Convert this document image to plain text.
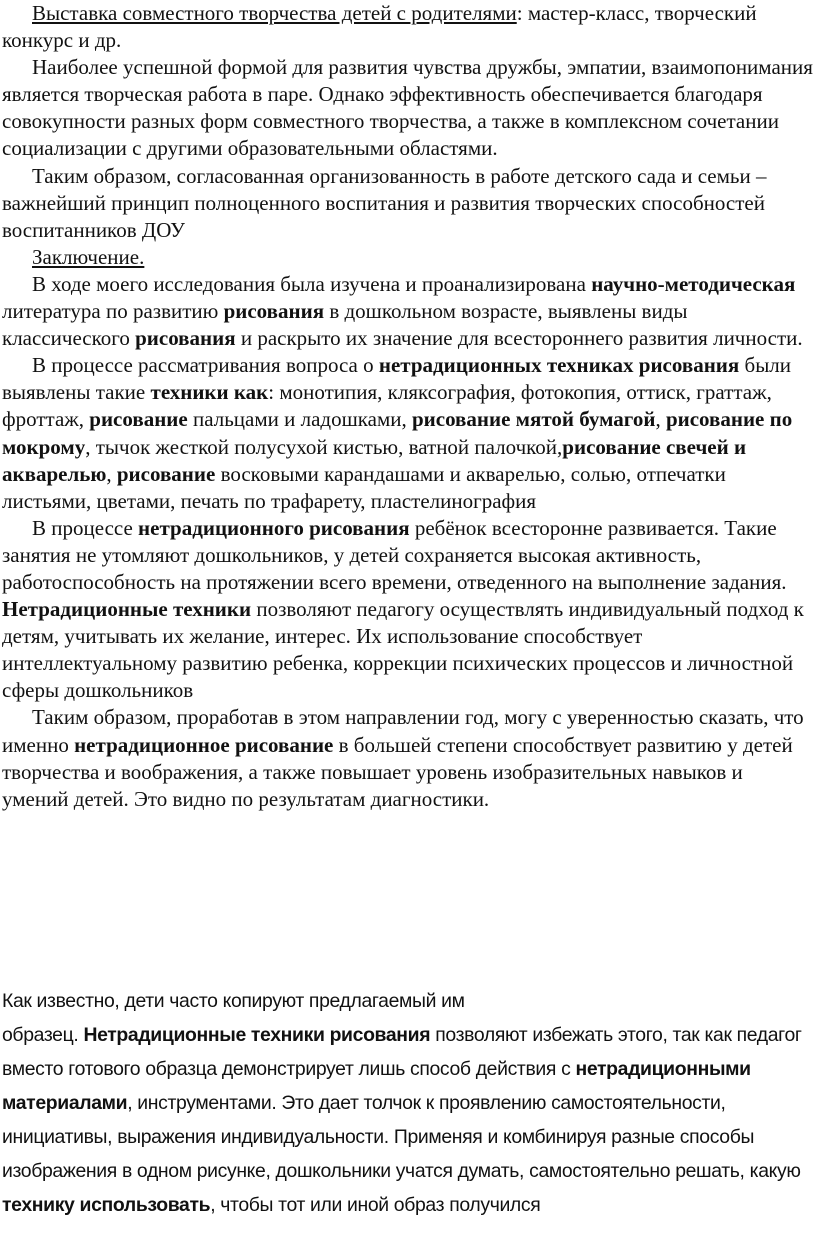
Выставка совместного творчества детей с родителями: мастер-класс, творческий конкурс и др.

Наиболее успешной формой для развития чувства дружбы, эмпатии, взаимопонимания является творческая работа в паре. Однако эффективность обеспечивается благодаря совокупности разных форм совместного творчества, а также в комплексном сочетании социализации с другими образовательными областями.

Таким образом, согласованная организованность в работе детского сада и семьи – важнейший принцип полноценного воспитания и развития творческих способностей воспитанников ДОУ

Заключение.

В ходе моего исследования была изучена и проанализирована научно-методическая литература по развитию рисования в дошкольном возрасте, выявлены виды классического рисования и раскрыто их значение для всестороннего развития личности.

В процессе рассматривания вопроса о нетрадиционных техниках рисования были выявлены такие техники как: монотипия, кляксография, фотокопия, оттиск, граттаж, фроттаж, рисование пальцами и ладошками, рисование мятой бумагой, рисование по мокрому, тычок жесткой полусухой кистью, ватной палочкой,рисование свечей и акварелью, рисование восковыми карандашами и акварелью, солью, отпечатки листьями, цветами, печать по трафарету, пластелинография

В процессе нетрадиционного рисования ребёнок всесторонне развивается. Такие занятия не утомляют дошкольников, у детей сохраняется высокая активность, работоспособность на протяжении всего времени, отведенного на выполнение задания. Нетрадиционные техники позволяют педагогу осуществлять индивидуальный подход к детям, учитывать их желание, интерес. Их использование способствует интеллектуальному развитию ребенка, коррекции психических процессов и личностной сферы дошкольников

Таким образом, проработав в этом направлении год, могу с уверенностью сказать, что именно нетрадиционное рисование в большей степени способствует развитию у детей творчества и воображения, а также повышает уровень изобразительных навыков и умений детей. Это видно по результатам диагностики.

Как известно, дети часто копируют предлагаемый им
образец. Нетрадиционные техники рисования позволяют избежать этого, так как педагог вместо готового образца демонстрирует лишь способ действия с нетрадиционными материалами, инструментами. Это дает толчок к проявлению самостоятельности, инициативы, выражения индивидуальности. Применяя и комбинируя разные способы изображения в одном рисунке, дошкольники учатся думать, самостоятельно решать, какую технику использовать, чтобы тот или иной образ получился
